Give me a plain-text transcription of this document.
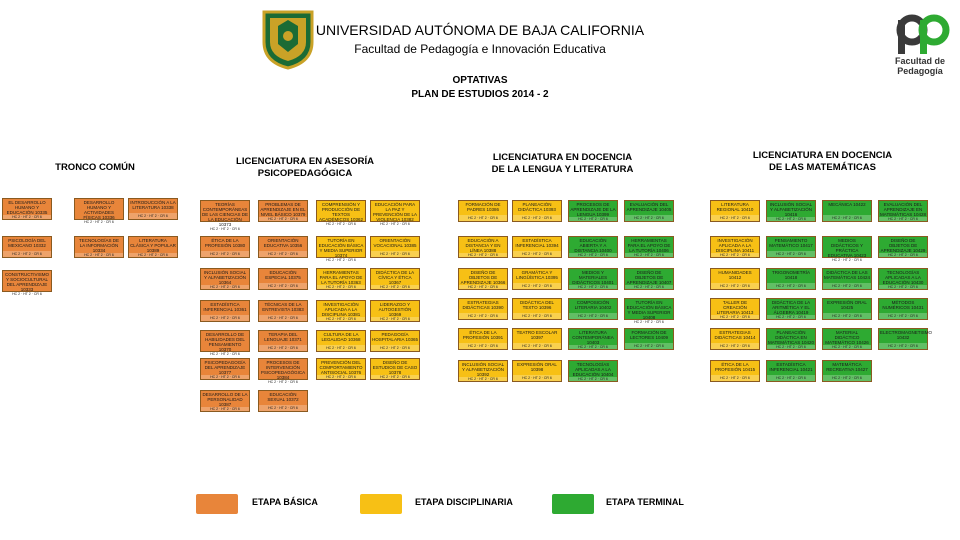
UNIVERSIDAD AUTÓNOMA DE BAJA CALIFORNIA
Facultad de Pedagogía e Innovación Educativa
OPTATIVAS
PLAN DE ESTUDIOS 2014 - 2
Facultad de Pedagogía
TRONCO COMÚN
LICENCIATURA EN ASESORÍA PSICOPEDAGÓGICA
LICENCIATURA EN DOCENCIA DE LA LENGUA Y LITERATURA
LICENCIATURA EN DOCENCIA DE LAS MATEMÁTICAS
EL DESARROLLO HUMANO Y EDUCACIÓN 10335
HC 2 · HT 2 · CR 6
PSICOLOGÍA DEL MEXICANO 10332
HC 2 · HT 2 · CR 6
CONSTRUCTIVISMO Y SOCIOCULTURAL DEL APRENDIZAJE 10333
HC 2 · HT 2 · CR 6
DESARROLLO HUMANO Y ACTIVIDADES FÍSICAS 10336
HC 2 · HT 2 · CR 6
TECNOLOGÍAS DE LA INFORMACIÓN 10334
HC 2 · HT 2 · CR 6
INTRODUCCIÓN A LA LITERATURA 10338
HC 2 · HT 2 · CR 6
LITERATURA CLÁSICA Y POPULAR 10389
HC 2 · HT 2 · CR 6
TEORÍAS CONTEMPORÁNEAS DE LAS CIENCIAS DE LA EDUCACIÓN 10373
HC 2 · HT 2 · CR 6
ÉTICA DE LA PROFESIÓN 10380
HC 2 · HT 2 · CR 6
INCLUSIÓN SOCIAL Y ALFABETIZACIÓN 10364
HC 2 · HT 2 · CR 6
ESTADÍSTICA INFERENCIAL 10361
HC 2 · HT 2 · CR 6
DESARROLLO DE HABILIDADES DEL PENSAMIENTO 10370
HC 2 · HT 2 · CR 6
PSICOPEDAGOGÍA DEL APRENDIZAJE 10377
HC 2 · HT 2 · CR 6
DESARROLLO DE LA PERSONALIDAD 10387
HC 2 · HT 2 · CR 6
PROBLEMAS DE APRENDIZAJE EN EL NIVEL BÁSICO 10379
HC 2 · HT 2 · CR 6
ORIENTACIÓN EDUCATIVA 10356
HC 2 · HT 2 · CR 6
EDUCACIÓN ESPECIAL 10375
HC 2 · HT 2 · CR 6
TÉCNICAS DE LA ENTREVISTA 10383
HC 2 · HT 2 · CR 6
TERAPIA DEL LENGUAJE 10371
HC 2 · HT 2 · CR 6
PROCESOS DE INTERVENCIÓN PSICOPEDAGÓGICA 10384
HC 2 · HT 2 · CR 6
EDUCACIÓN SEXUAL 10372
HC 2 · HT 2 · CR 6
COMPRENSIÓN Y PRODUCCIÓN DE TEXTOS ACADÉMICOS 10362
HC 2 · HT 2 · CR 6
TUTORÍA EN EDUCACIÓN BÁSICA Y MEDIA SUPERIOR 10374
HC 2 · HT 2 · CR 6
HERRAMIENTAS PARA EL APOYO DE LA TUTORÍA 10363
HC 2 · HT 2 · CR 6
INVESTIGACIÓN APLICADA A LA DISCIPLINA 10381
HC 2 · HT 2 · CR 6
CULTURA DE LA LEGALIDAD 10368
HC 2 · HT 2 · CR 6
PREVENCIÓN DEL COMPORTAMIENTO ANTISOCIAL 10376
HC 2 · HT 2 · CR 6
EDUCACIÓN PARA LA PAZ Y PREVENCIÓN DE LA VIOLENCIA 10382
HC 2 · HT 2 · CR 6
ORIENTACIÓN VOCACIONAL 10385
HC 2 · HT 2 · CR 6
DIDÁCTICA DE LA CÍVICA Y ÉTICA 10367
HC 2 · HT 2 · CR 6
LIDERAZGO Y AUTOGESTIÓN 10369
HC 2 · HT 2 · CR 6
PEDAGOGÍA HOSPITALARIA 10365
HC 2 · HT 2 · CR 6
DISEÑO DE ESTUDIOS DE CASO 10378
HC 2 · HT 2 · CR 6
FORMACIÓN DE PADRES 10386
HC 2 · HT 2 · CR 6
EDUCACIÓN A DISTANCIA Y EN LÍNEA 10388
HC 2 · HT 2 · CR 6
DISEÑO DE OBJETOS DE APRENDIZAJE 10366
HC 2 · HT 2 · CR 6
ESTRATEGIAS DIDÁCTICAS 10390
HC 2 · HT 2 · CR 6
ÉTICA DE LA PROFESIÓN 10391
HC 2 · HT 2 · CR 6
INCLUSIÓN SOCIAL Y ALFABETIZACIÓN 10392
HC 2 · HT 2 · CR 6
PLANEACIÓN DIDÁCTICA 10393
HC 2 · HT 2 · CR 6
ESTADÍSTICA INFERENCIAL 10394
HC 2 · HT 2 · CR 6
GRAMÁTICA Y LINGÜÍSTICA 10395
HC 2 · HT 2 · CR 6
DIDÁCTICA DEL TEXTO 10396
HC 2 · HT 2 · CR 6
TEATRO ESCOLAR 10397
HC 2 · HT 2 · CR 6
EXPRESIÓN ORAL 10398
HC 2 · HT 2 · CR 6
PROCESOS DE APRENDIZAJE DE LA LENGUA 10399
HC 2 · HT 2 · CR 6
EDUCACIÓN ABIERTA Y A DISTANCIA 10400
HC 2 · HT 2 · CR 6
MEDIOS Y MATERIALES DIDÁCTICOS 10401
HC 2 · HT 2 · CR 6
COMPOSICIÓN LITERARIA 10402
HC 2 · HT 2 · CR 6
LITERATURA CONTEMPORÁNEA 10403
HC 2 · HT 2 · CR 6
TECNOLOGÍAS APLICADAS A LA EDUCACIÓN 10404
HC 2 · HT 2 · CR 6
EVALUACIÓN DEL APRENDIZAJE 10405
HC 2 · HT 2 · CR 6
HERRAMIENTAS PARA EL APOYO DE LA TUTORÍA 10406
HC 2 · HT 2 · CR 6
DISEÑO DE OBJETOS DE APRENDIZAJE 10407
HC 2 · HT 2 · CR 6
TUTORÍA EN EDUCACIÓN BÁSICA Y MEDIA SUPERIOR 10408
HC 2 · HT 2 · CR 6
FORMACIÓN DE LECTORES 10409
HC 2 · HT 2 · CR 6
LITERATURA REGIONAL 10410
HC 2 · HT 2 · CR 6
INVESTIGACIÓN APLICADA A LA DISCIPLINA 10411
HC 2 · HT 2 · CR 6
HUMANIDADES 10412
HC 2 · HT 2 · CR 6
TALLER DE CREACIÓN LITERARIA 10413
HC 2 · HT 2 · CR 6
ESTRATEGIAS DIDÁCTICAS 10414
HC 2 · HT 2 · CR 6
ÉTICA DE LA PROFESIÓN 10415
HC 2 · HT 2 · CR 6
INCLUSIÓN SOCIAL Y ALFABETIZACIÓN 10416
HC 2 · HT 2 · CR 6
PENSAMIENTO MATEMÁTICO 10417
HC 2 · HT 2 · CR 6
TRIGONOMETRÍA 10418
HC 2 · HT 2 · CR 6
DIDÁCTICA DE LA ARITMÉTICA Y EL ÁLGEBRA 10419
HC 2 · HT 2 · CR 6
PLANEACIÓN DIDÁCTICA EN MATEMÁTICAS 10420
HC 2 · HT 2 · CR 6
ESTADÍSTICA INFERENCIAL 10421
HC 2 · HT 2 · CR 6
MECÁNICA 10422
HC 2 · HT 2 · CR 6
MEDIOS DIDÁCTICOS Y PRÁCTICA EDUCATIVA 10423
HC 2 · HT 2 · CR 6
DIDÁCTICA DE LAS MATEMÁTICAS 10424
HC 2 · HT 2 · CR 6
EXPRESIÓN ORAL 10425
HC 2 · HT 2 · CR 6
MATERIAL DIDÁCTICO MATEMÁTICO 10426
HC 2 · HT 2 · CR 6
MATEMÁTICA RECREATIVA 10427
HC 2 · HT 2 · CR 6
EVALUACIÓN DEL APRENDIZAJE EN MATEMÁTICAS 10428
HC 2 · HT 2 · CR 6
DISEÑO DE OBJETOS DE APRENDIZAJE 10429
HC 2 · HT 2 · CR 6
TECNOLOGÍAS APLICADAS A LA EDUCACIÓN 10430
HC 2 · HT 2 · CR 6
MÉTODOS NUMÉRICOS 10431
HC 2 · HT 2 · CR 6
ELECTROMAGNETISMO 10432
HC 2 · HT 2 · CR 6
ETAPA BÁSICA	ETAPA DISCIPLINARIA	ETAPA TERMINAL
